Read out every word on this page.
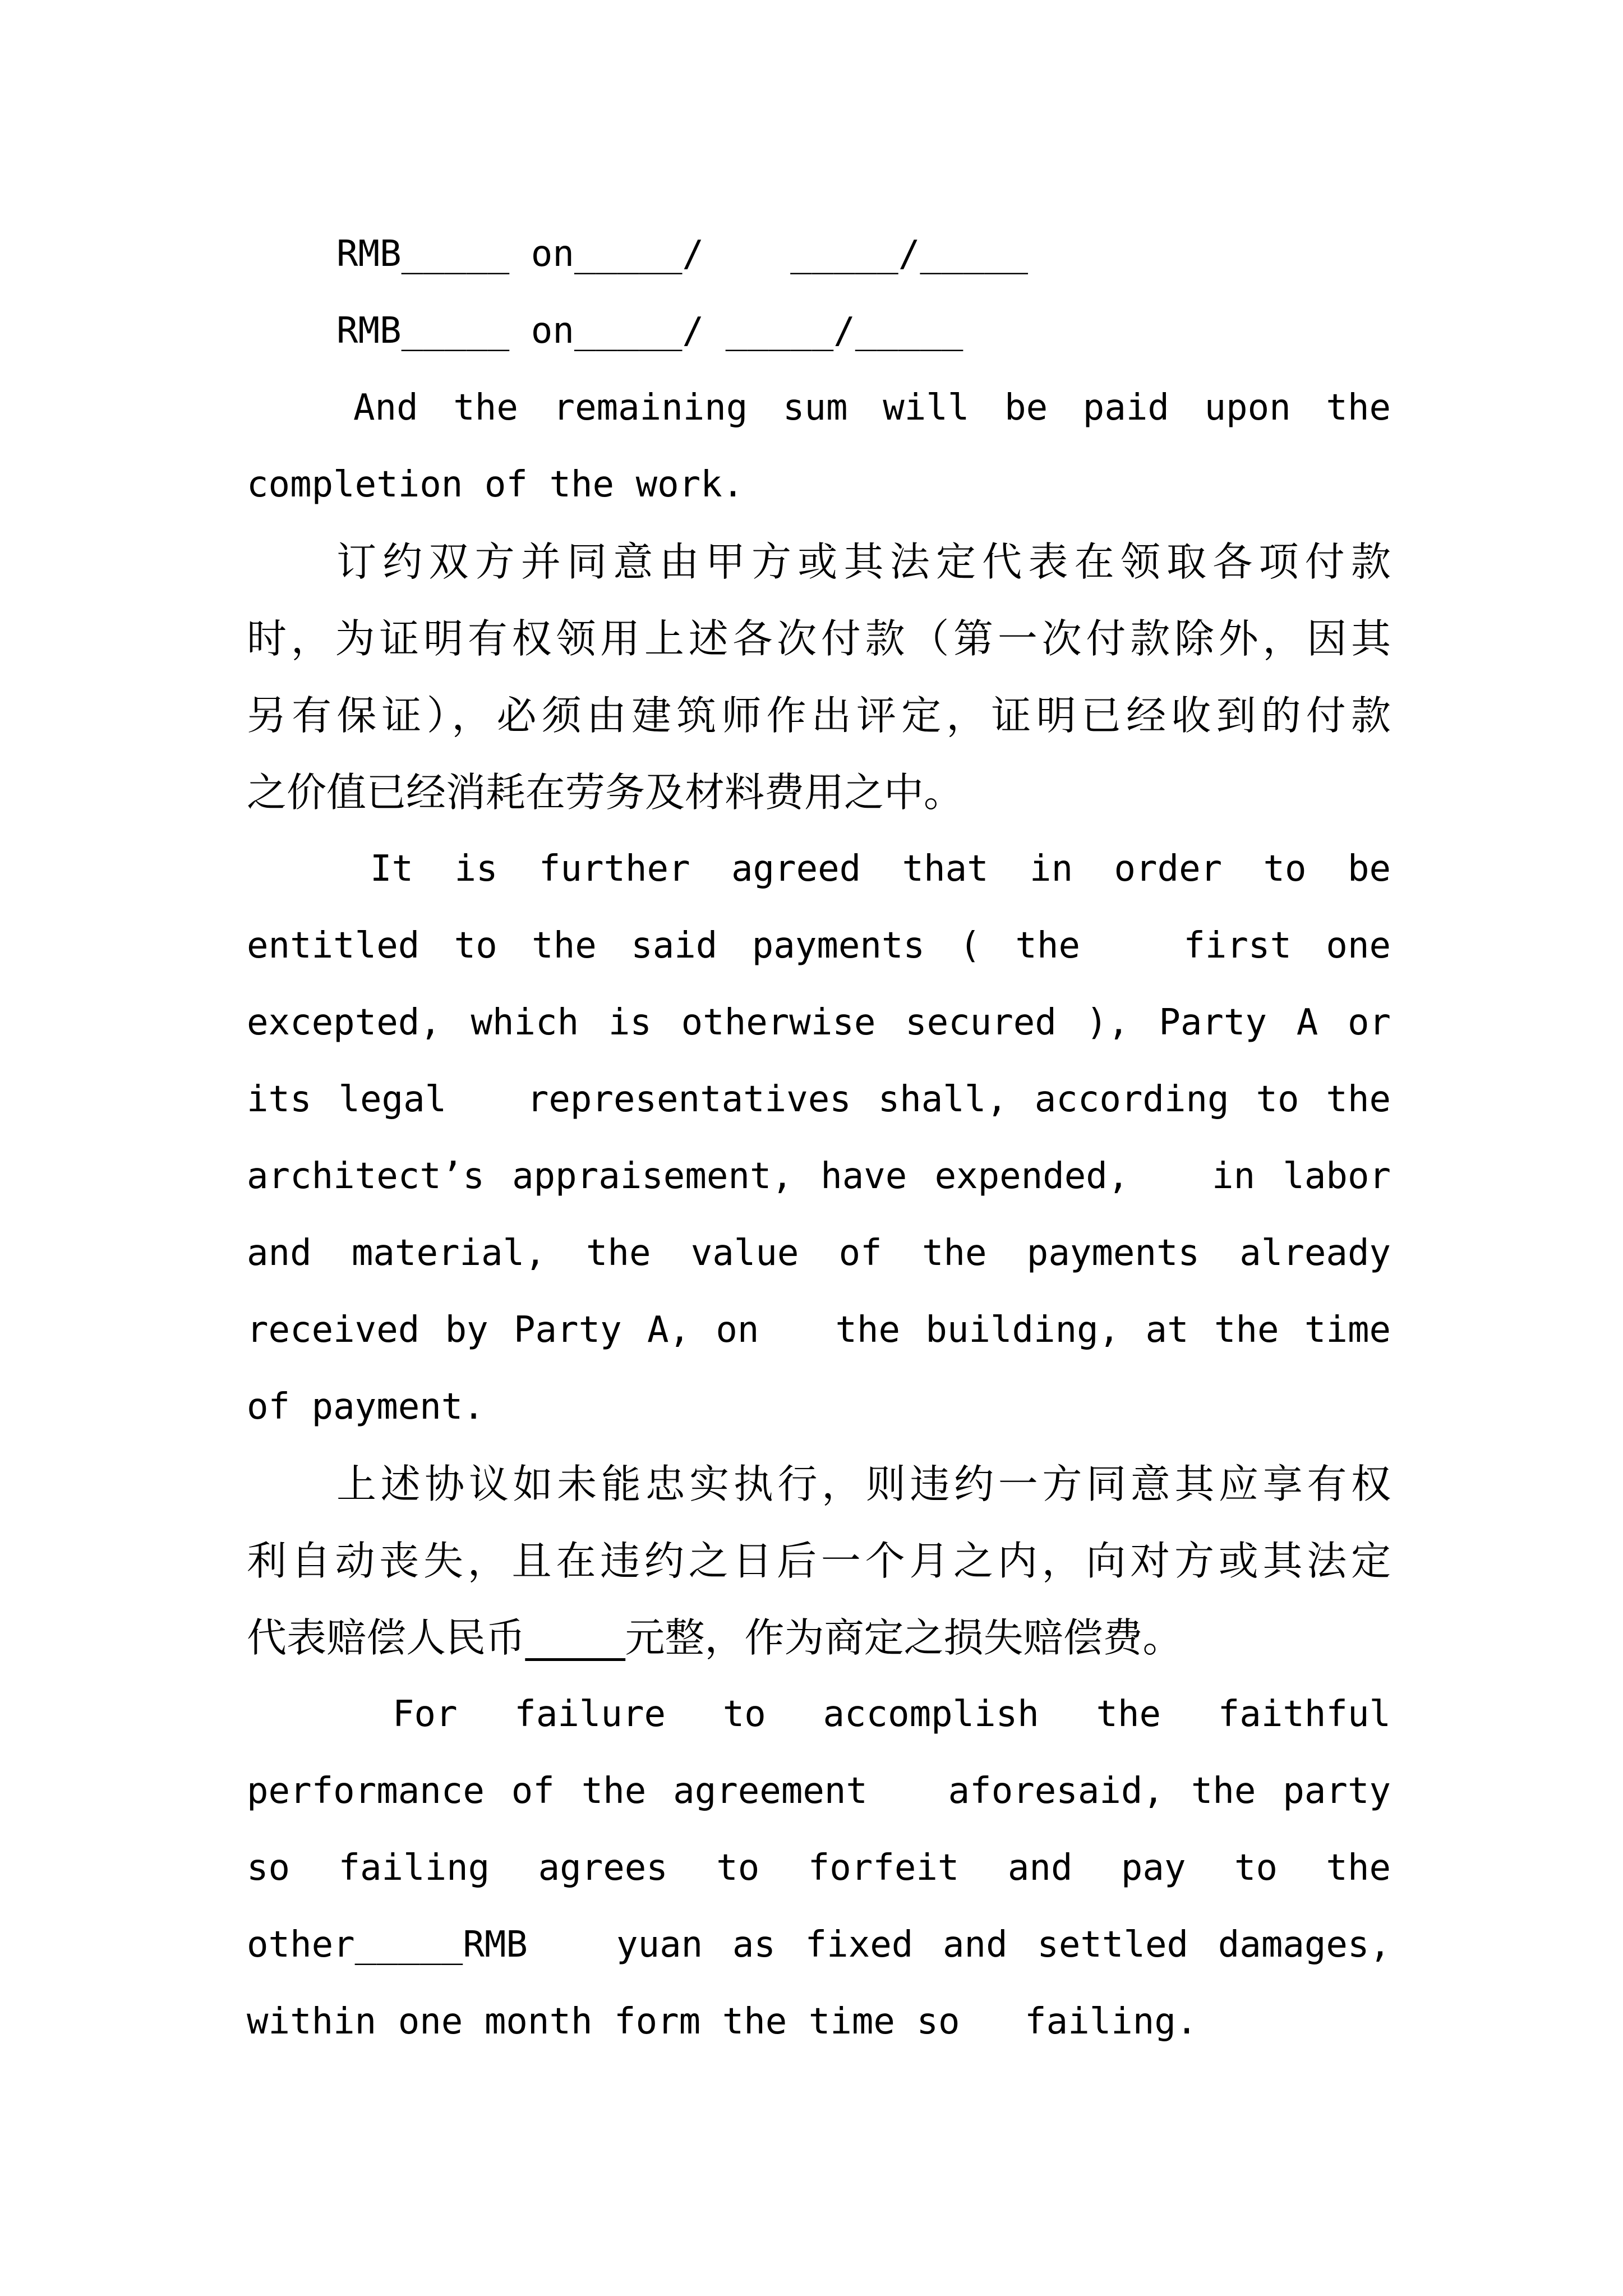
RMB_____ on_____/    _____/_____
RMB_____ on_____/ _____/_____
And the remaining sum will be paid upon the
completion of the work.
订约双方并同意由甲方或其法定代表在领取各项付款
时，为证明有权领用上述各次付款（第一次付款除外，因其
另有保证），必须由建筑师作出评定，证明已经收到的付款
之价值已经消耗在劳务及材料费用之中。
It is further agreed that in order to be
entitled to the said payments ( the   first one
excepted, which is otherwise secured ), Party A or
its legal   representatives shall, according to the
architect’s appraisement, have expended,   in labor
and material, the value of the payments already
received by Party A, on   the building, at the time
of payment.
上述协议如未能忠实执行，则违约一方同意其应享有权
利自动丧失，且在违约之日后一个月之内，向对方或其法定
代表赔偿人民币_____元整，作为商定之损失赔偿费。
For failure to accomplish the faithful
performance of the agreement   aforesaid, the party
so failing agrees to forfeit and pay to the
other_____RMB   yuan as fixed and settled damages,
within one month form the time so   failing.
